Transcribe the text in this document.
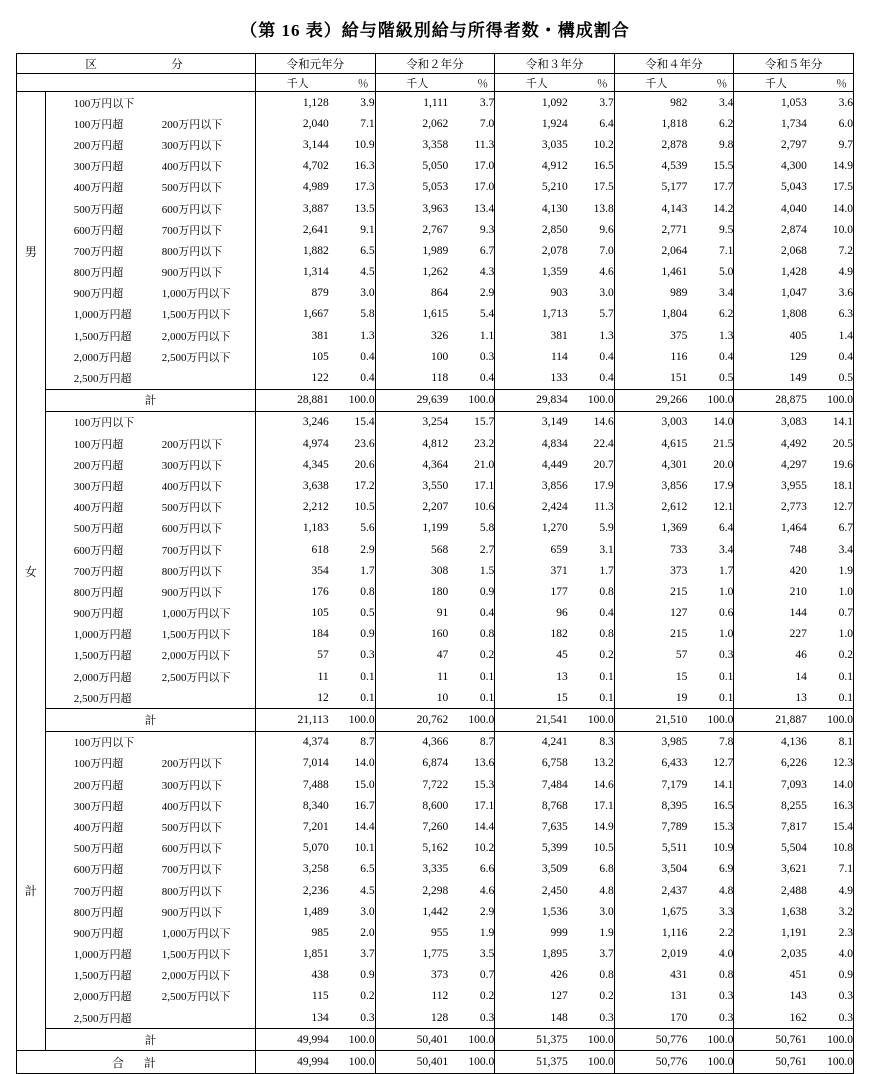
（第 16 表）給与階級別給与所得者数・構成割合
区　　　分		令和元年分		令和２年分		令和３年分		令和４年分		令和５年分	
		千人	％	千人	％	千人	％	千人	％	千人	％
男	100万円以下	1,128	3.9	1,111	3.7	1,092	3.7	982	3.4	1,053	3.6
	100万円超 200万円以下	2,040	7.1	2,062	7.0	1,924	6.4	1,818	6.2	1,734	6.0
	200万円超 300万円以下	3,144	10.9	3,358	11.3	3,035	10.2	2,878	9.8	2,797	9.7
	300万円超 400万円以下	4,702	16.3	5,050	17.0	4,912	16.5	4,539	15.5	4,300	14.9
	400万円超 500万円以下	4,989	17.3	5,053	17.0	5,210	17.5	5,177	17.7	5,043	17.5
	500万円超 600万円以下	3,887	13.5	3,963	13.4	4,130	13.8	4,143	14.2	4,040	14.0
	600万円超 700万円以下	2,641	9.1	2,767	9.3	2,850	9.6	2,771	9.5	2,874	10.0
	700万円超 800万円以下	1,882	6.5	1,989	6.7	2,078	7.0	2,064	7.1	2,068	7.2
	800万円超 900万円以下	1,314	4.5	1,262	4.3	1,359	4.6	1,461	5.0	1,428	4.9
	900万円超 1,000万円以下	879	3.0	864	2.9	903	3.0	989	3.4	1,047	3.6
	1,000万円超 1,500万円以下	1,667	5.8	1,615	5.4	1,713	5.7	1,804	6.2	1,808	6.3
	1,500万円超 2,000万円以下	381	1.3	326	1.1	381	1.3	375	1.3	405	1.4
	2,000万円超 2,500万円以下	105	0.4	100	0.3	114	0.4	116	0.4	129	0.4
	2,500万円超	122	0.4	118	0.4	133	0.4	151	0.5	149	0.5
	計	28,881	100.0	29,639	100.0	29,834	100.0	29,266	100.0	28,875	100.0
女	100万円以下	3,246	15.4	3,254	15.7	3,149	14.6	3,003	14.0	3,083	14.1
	100万円超 200万円以下	4,974	23.6	4,812	23.2	4,834	22.4	4,615	21.5	4,492	20.5
	200万円超 300万円以下	4,345	20.6	4,364	21.0	4,449	20.7	4,301	20.0	4,297	19.6
	300万円超 400万円以下	3,638	17.2	3,550	17.1	3,856	17.9	3,856	17.9	3,955	18.1
	400万円超 500万円以下	2,212	10.5	2,207	10.6	2,424	11.3	2,612	12.1	2,773	12.7
	500万円超 600万円以下	1,183	5.6	1,199	5.8	1,270	5.9	1,369	6.4	1,464	6.7
	600万円超 700万円以下	618	2.9	568	2.7	659	3.1	733	3.4	748	3.4
	700万円超 800万円以下	354	1.7	308	1.5	371	1.7	373	1.7	420	1.9
	800万円超 900万円以下	176	0.8	180	0.9	177	0.8	215	1.0	210	1.0
	900万円超 1,000万円以下	105	0.5	91	0.4	96	0.4	127	0.6	144	0.7
	1,000万円超 1,500万円以下	184	0.9	160	0.8	182	0.8	215	1.0	227	1.0
	1,500万円超 2,000万円以下	57	0.3	47	0.2	45	0.2	57	0.3	46	0.2
	2,000万円超 2,500万円以下	11	0.1	11	0.1	13	0.1	15	0.1	14	0.1
	2,500万円超	12	0.1	10	0.1	15	0.1	19	0.1	13	0.1
	計	21,113	100.0	20,762	100.0	21,541	100.0	21,510	100.0	21,887	100.0
計	100万円以下	4,374	8.7	4,366	8.7	4,241	8.3	3,985	7.8	4,136	8.1
	100万円超 200万円以下	7,014	14.0	6,874	13.6	6,758	13.2	6,433	12.7	6,226	12.3
	200万円超 300万円以下	7,488	15.0	7,722	15.3	7,484	14.6	7,179	14.1	7,093	14.0
	300万円超 400万円以下	8,340	16.7	8,600	17.1	8,768	17.1	8,395	16.5	8,255	16.3
	400万円超 500万円以下	7,201	14.4	7,260	14.4	7,635	14.9	7,789	15.3	7,817	15.4
	500万円超 600万円以下	5,070	10.1	5,162	10.2	5,399	10.5	5,511	10.9	5,504	10.8
	600万円超 700万円以下	3,258	6.5	3,335	6.6	3,509	6.8	3,504	6.9	3,621	7.1
	700万円超 800万円以下	2,236	4.5	2,298	4.6	2,450	4.8	2,437	4.8	2,488	4.9
	800万円超 900万円以下	1,489	3.0	1,442	2.9	1,536	3.0	1,675	3.3	1,638	3.2
	900万円超 1,000万円以下	985	2.0	955	1.9	999	1.9	1,116	2.2	1,191	2.3
	1,000万円超 1,500万円以下	1,851	3.7	1,775	3.5	1,895	3.7	2,019	4.0	2,035	4.0
	1,500万円超 2,000万円以下	438	0.9	373	0.7	426	0.8	431	0.8	451	0.9
	2,000万円超 2,500万円以下	115	0.2	112	0.2	127	0.2	131	0.3	143	0.3
	2,500万円超	134	0.3	128	0.3	148	0.3	170	0.3	162	0.3
	計	49,994	100.0	50,401	100.0	51,375	100.0	50,776	100.0	50,761	100.0
合　計		49,994	100.0	50,401	100.0	51,375	100.0	50,776	100.0	50,761	100.0
